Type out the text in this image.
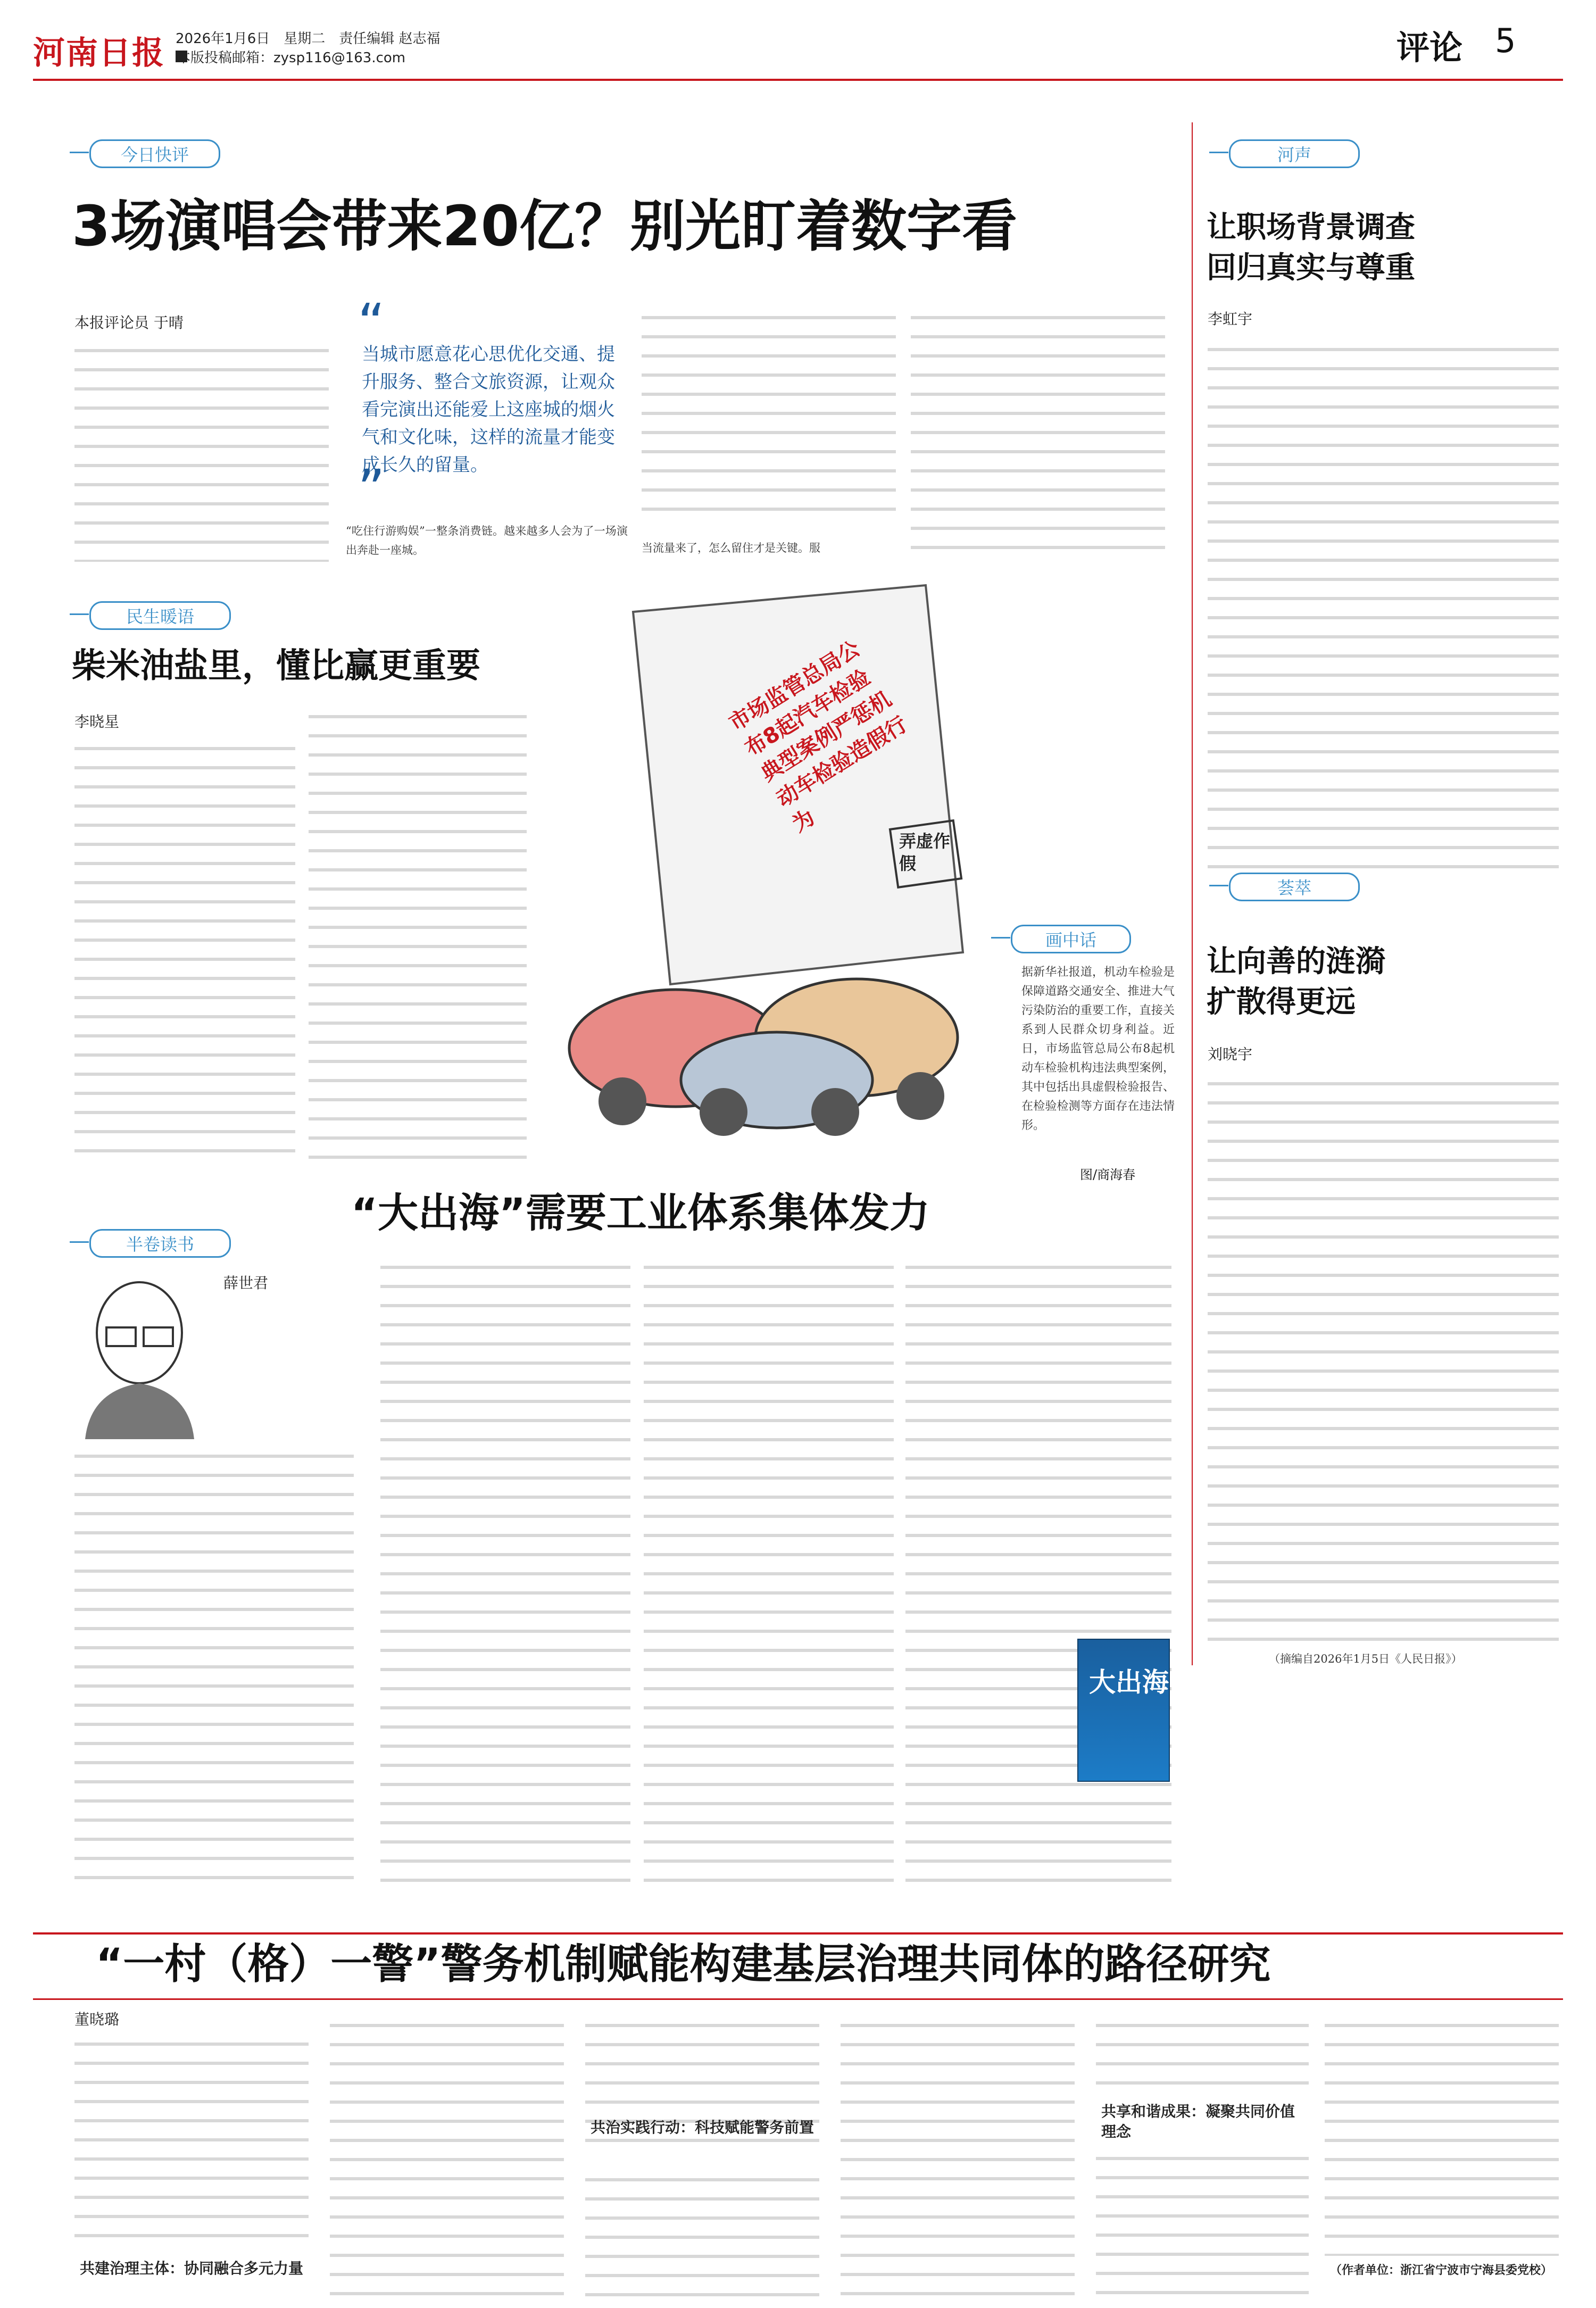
河南日报 2026年1月6日　星期二　责任编辑 赵志福
本版投稿邮箱：zysp116@163.com	评论 5
今日快评
3场演唱会带来20亿？别光盯着数字看
本报评论员 于晴	“
当城市愿意花心思优化交通、提升服务、整合文旅资源，让观众看完演出还能爱上这座城的烟火气和文化味，这样的流量才能变成长久的留量。
”
“吃住行游购娱”一整条消费链。越来越多人会为了一场演出奔赴一座城。	当流量来了，怎么留住才是关键。服
河声
让职场背景调查
回归真实与尊重
李虹宇
民生暖语
柴米油盐里，懂比赢更重要
李晓星	市场监管总局公布8起汽车检验典型案例严惩机动车检验造假行为
弄虚作假
画中话
据新华社报道，机动车检验是保障道路交通安全、推进大气污染防治的重要工作，直接关系到人民群众切身利益。近日，市场监管总局公布8起机动车检验机构违法典型案例，其中包括出具虚假检验报告、在检验检测等方面存在违法情形。
图/商海春
荟萃
让向善的涟漪
扩散得更远
刘晓宇
（摘编自2026年1月5日《人民日报》）
半卷读书
“大出海”需要工业体系集体发力
薛世君
大出海
“一村（格）一警”警务机制赋能构建基层治理共同体的路径研究
董晓璐
共建治理主体：协同融合多元力量
共治实践行动：科技赋能警务前置
共享和谐成果：凝聚共同价值理念
（作者单位：浙江省宁波市宁海县委党校）
